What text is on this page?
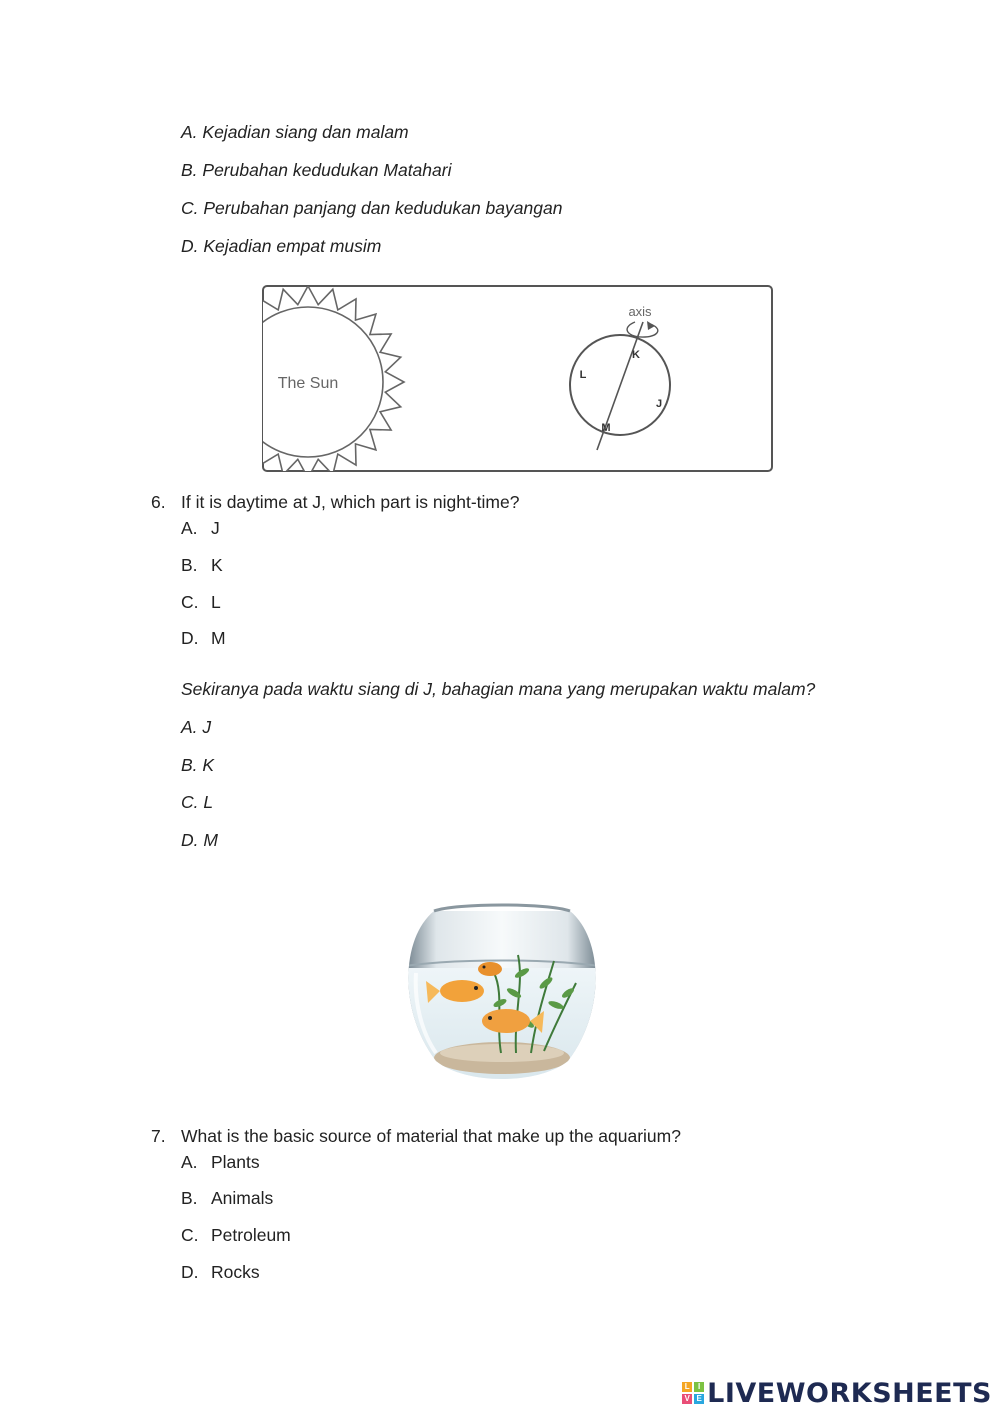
A. Kejadian siang dan malam
B. Perubahan kedudukan Matahari
C. Perubahan panjang dan kedudukan bayangan
D. Kejadian empat musim
The Sun
axis
K
L
J
M
6. If it is daytime at J, which part is night-time?
A. J
B. K
C. L
D. M
Sekiranya pada waktu siang di J, bahagian mana yang merupakan waktu malam?
A. J
B. K
C. L
D. M
7. What is the basic source of material that make up the aquarium?
A. Plants
B. Animals
C. Petroleum
D. Rocks
L	I
V E LIVEWORKSHEETS
